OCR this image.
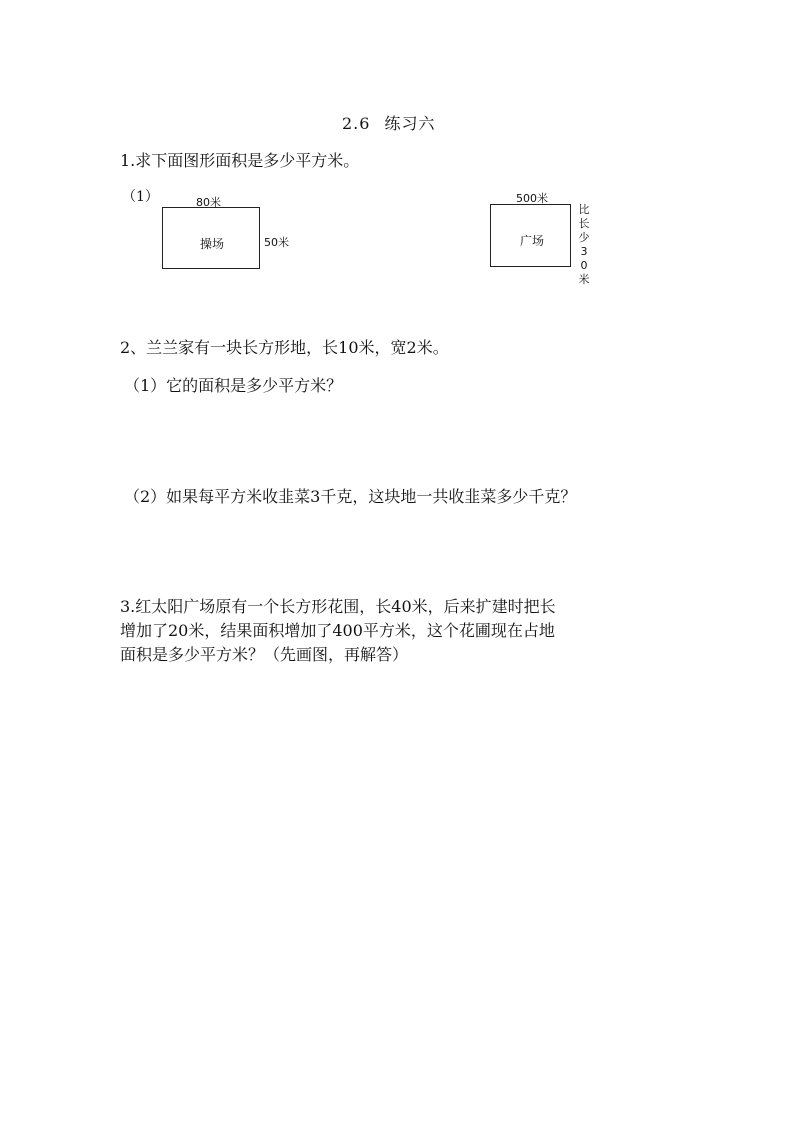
2.6 练习六
1.求下面图形面积是多少平方米。
（1）	80米
操场	50米
500米
广场
比长少30米
2、兰兰家有一块长方形地，长10米，宽2米。
（1）它的面积是多少平方米？
（2）如果每平方米收韭菜3千克，这块地一共收韭菜多少千克？
3.红太阳广场原有一个长方形花围，长40米，后来扩建时把长
增加了20米，结果面积增加了400平方米，这个花圃现在占地
面积是多少平方米？（先画图，再解答）
